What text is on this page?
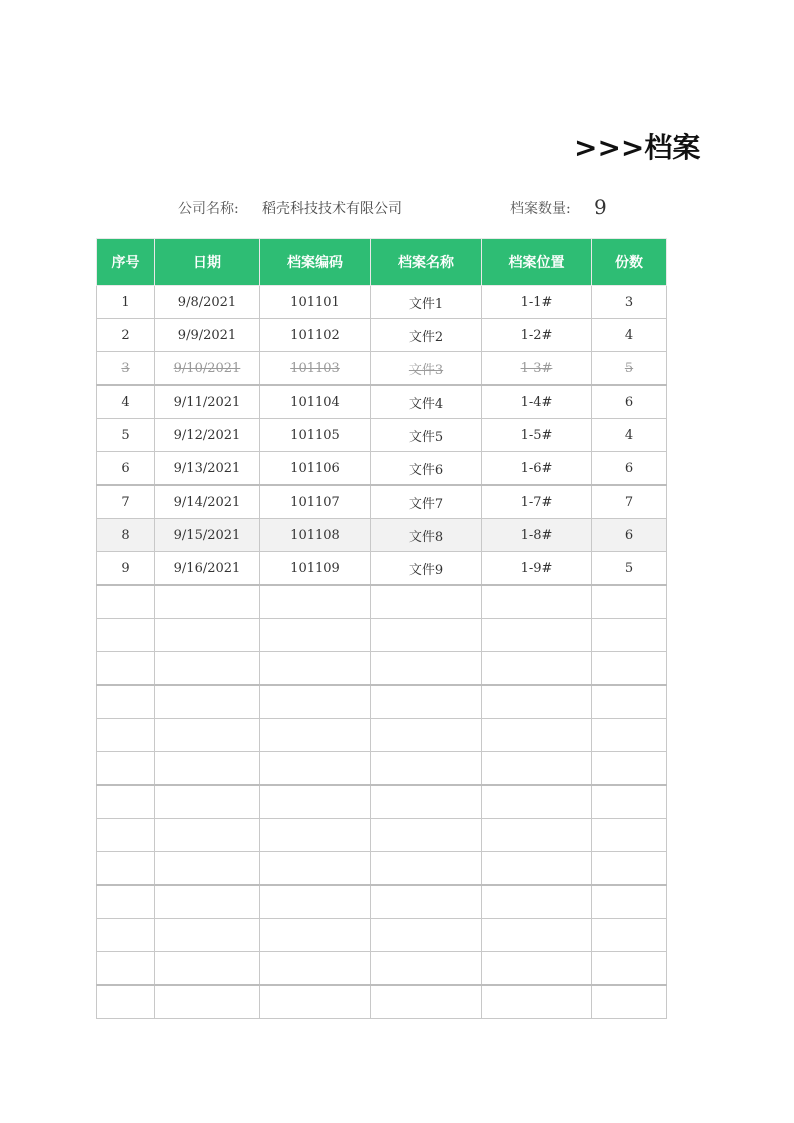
>>>档案
公司名称: 稻壳科技技术有限公司	档案数量: 9
序号	日期	档案编码	档案名称	档案位置	份数
1	9/8/2021	101101	文件1	1-1#	3
2	9/9/2021	101102	文件2	1-2#	4
3	9/10/2021	101103	文件3	1-3#	5
4	9/11/2021	101104	文件4	1-4#	6
5	9/12/2021	101105	文件5	1-5#	4
6	9/13/2021	101106	文件6	1-6#	6
7	9/14/2021	101107	文件7	1-7#	7
8	9/15/2021	101108	文件8	1-8#	6
9	9/16/2021	101109	文件9	1-9#	5
